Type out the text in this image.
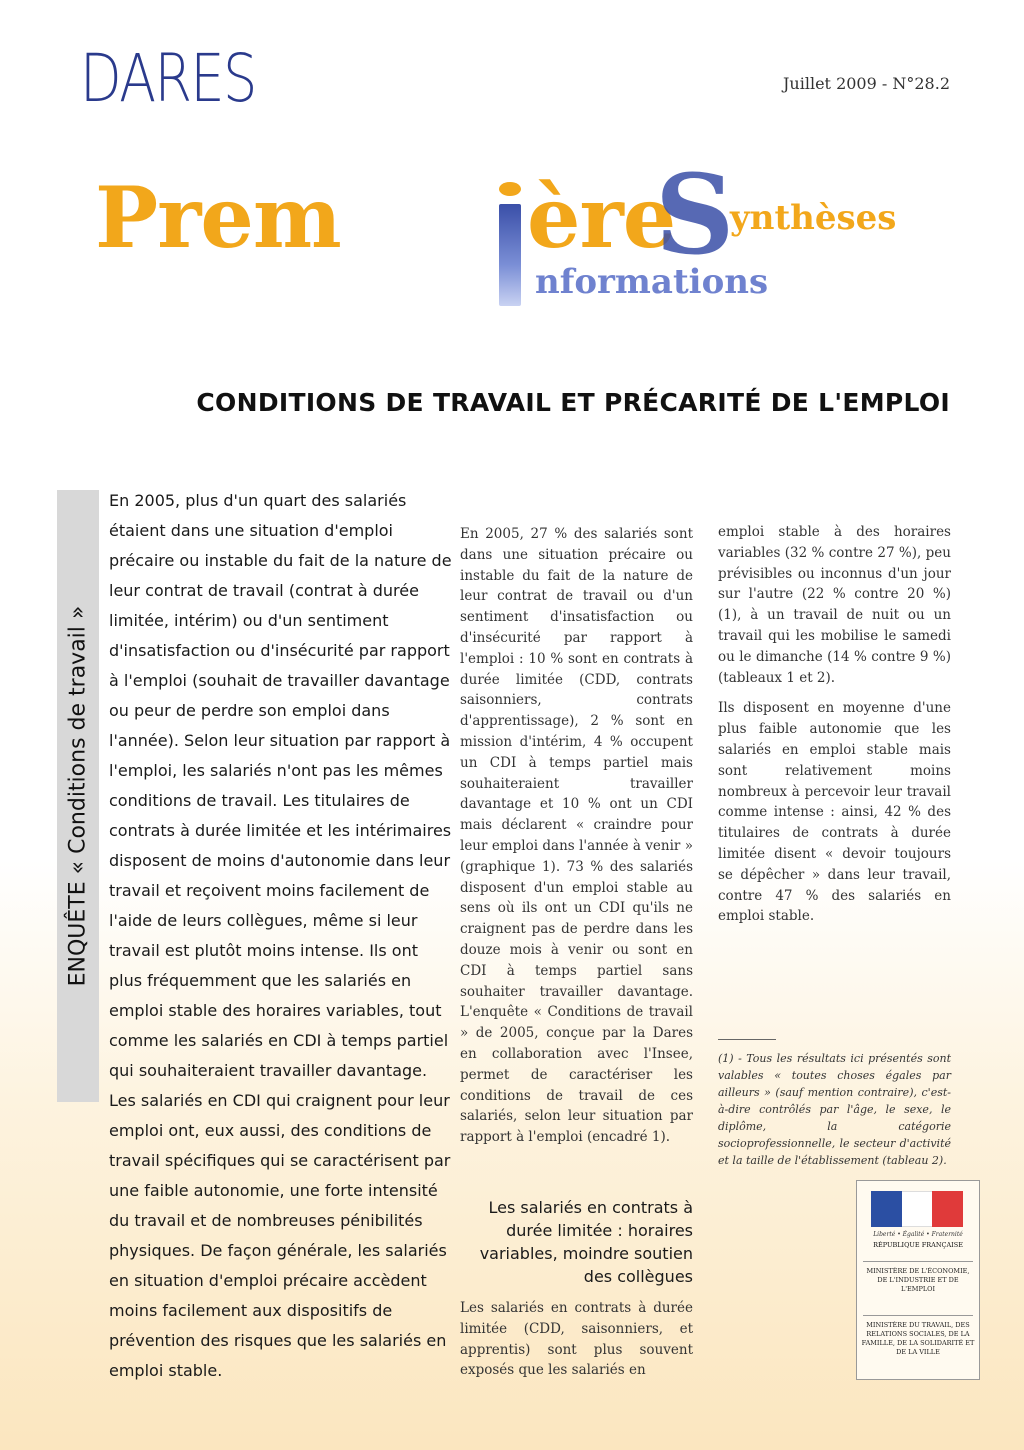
DARES	Juillet 2009 - N°28.2
Prem ère
S
ynthèses
nformations
CONDITIONS DE TRAVAIL ET PRÉCARITÉ DE L'EMPLOI
ENQUÊTE « Conditions de travail »
En 2005, plus d'un quart des salariés étaient dans une situation d'emploi précaire ou instable du fait de la nature de leur contrat de travail (contrat à durée limitée, intérim) ou d'un sentiment d'insatisfaction ou d'insécurité par rapport à l'emploi (souhait de travailler davantage ou peur de perdre son emploi dans l'année). Selon leur situation par rapport à l'emploi, les salariés n'ont pas les mêmes conditions de travail. Les titulaires de contrats à durée limitée et les intérimaires disposent de moins d'autonomie dans leur travail et reçoivent moins facilement de l'aide de leurs collègues, même si leur travail est plutôt moins intense. Ils ont plus fréquemment que les salariés en emploi stable des horaires variables, tout comme les salariés en CDI à temps partiel qui souhaiteraient travailler davantage. Les salariés en CDI qui craignent pour leur emploi ont, eux aussi, des conditions de travail spécifiques qui se caractérisent par une faible autonomie, une forte intensité du travail et de nombreuses pénibilités physiques. De façon générale, les salariés en situation d'emploi précaire accèdent moins facilement aux dispositifs de prévention des risques que les salariés en emploi stable.

En 2005, 27 % des salariés sont dans une situation précaire ou instable du fait de la nature de leur contrat de travail ou d'un sentiment d'insatisfaction ou d'insécurité par rapport à l'emploi : 10 % sont en contrats à durée limitée (CDD, contrats saisonniers, contrats d'apprentissage), 2 % sont en mission d'intérim, 4 % occupent un CDI à temps partiel mais souhaiteraient travailler davantage et 10 % ont un CDI mais déclarent « craindre pour leur emploi dans l'année à venir » (graphique 1). 73 % des salariés disposent d'un emploi stable au sens où ils ont un CDI qu'ils ne craignent pas de perdre dans les douze mois à venir ou sont en CDI à temps partiel sans souhaiter travailler davantage. L'enquête « Conditions de travail » de 2005, conçue par la Dares en collaboration avec l'Insee, permet de caractériser les conditions de travail de ces salariés, selon leur situation par rapport à l'emploi (encadré 1).

Les salariés en contrats à durée limitée : horaires variables, moindre soutien des collègues

Les salariés en contrats à durée limitée (CDD, saisonniers, et apprentis) sont plus souvent exposés que les salariés en

emploi stable à des horaires variables (32 % contre 27 %), peu prévisibles ou inconnus d'un jour sur l'autre (22 % contre 20 %) (1), à un travail de nuit ou un travail qui les mobilise le samedi ou le dimanche (14 % contre 9 %) (tableaux 1 et 2).

Ils disposent en moyenne d'une plus faible autonomie que les salariés en emploi stable mais sont relativement moins nombreux à percevoir leur travail comme intense : ainsi, 42 % des titulaires de contrats à durée limitée disent « devoir toujours se dépêcher » dans leur travail, contre 47 % des salariés en emploi stable.

(1) - Tous les résultats ici présentés sont valables « toutes choses égales par ailleurs » (sauf mention contraire), c'est-à-dire contrôlés par l'âge, le sexe, le diplôme, la catégorie socioprofessionnelle, le secteur d'activité et la taille de l'établissement (tableau 2).
Liberté • Égalité • Fraternité
RÉPUBLIQUE FRANÇAISE
MINISTÈRE DE L'ÉCONOMIE, DE L'INDUSTRIE ET DE L'EMPLOI
MINISTÈRE DU TRAVAIL, DES RELATIONS SOCIALES, DE LA FAMILLE, DE LA SOLIDARITÉ ET DE LA VILLE
